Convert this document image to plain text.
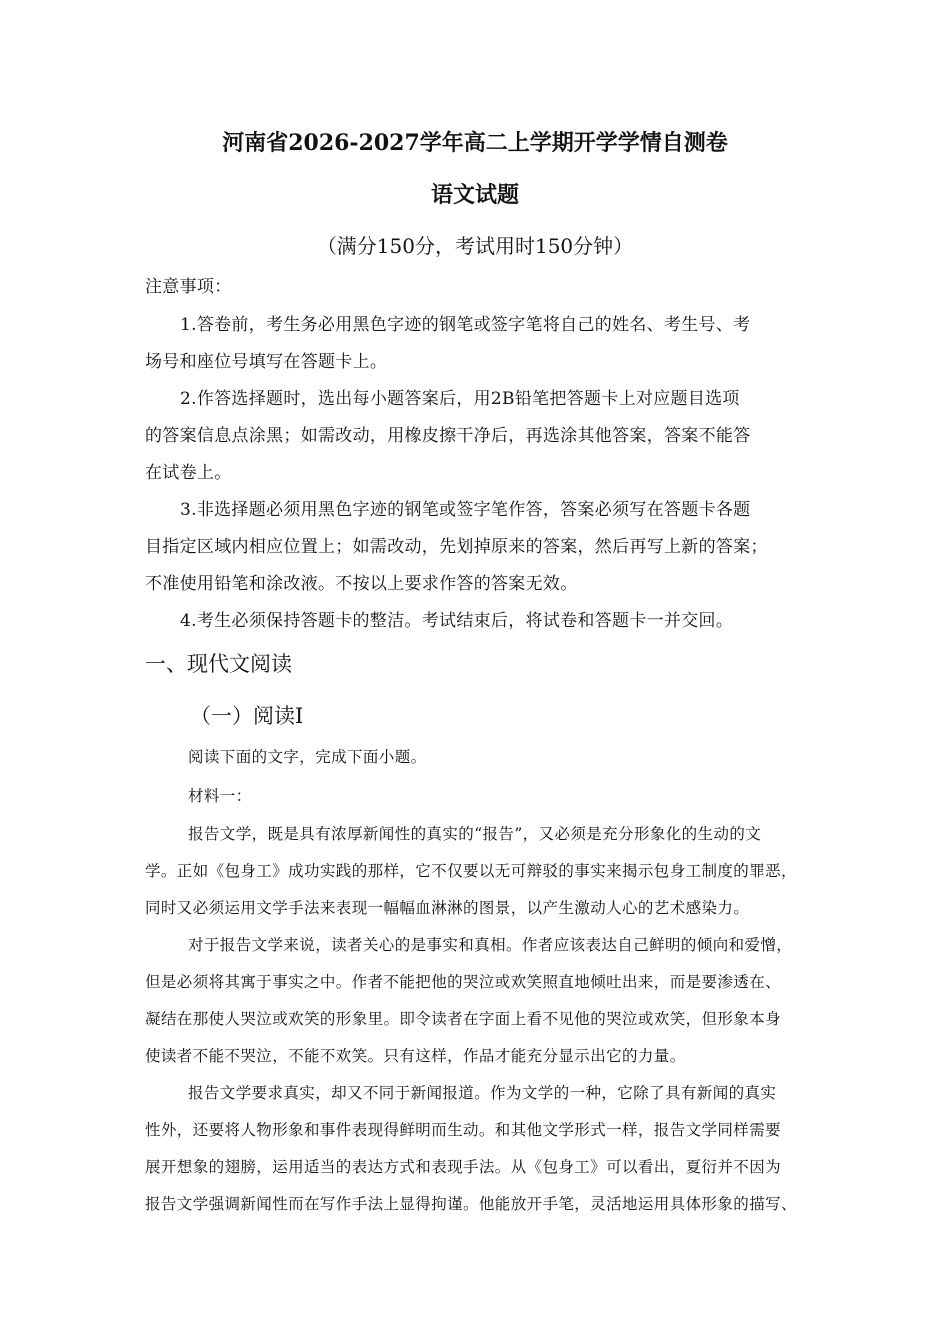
河南省2026-2027学年高二上学期开学学情自测卷
语文试题
（满分150分，考试用时150分钟）
注意事项：
1.答卷前，考生务必用黑色字迹的钢笔或签字笔将自己的姓名、考生号、考
场号和座位号填写在答题卡上。
2.作答选择题时，选出每小题答案后，用2B铅笔把答题卡上对应题目选项
的答案信息点涂黑；如需改动，用橡皮擦干净后，再选涂其他答案，答案不能答
在试卷上。
3.非选择题必须用黑色字迹的钢笔或签字笔作答，答案必须写在答题卡各题
目指定区域内相应位置上；如需改动，先划掉原来的答案，然后再写上新的答案；
不准使用铅笔和涂改液。不按以上要求作答的答案无效。
4.考生必须保持答题卡的整洁。考试结束后，将试卷和答题卡一并交回。
一、现代文阅读
（一）阅读Ⅰ
阅读下面的文字，完成下面小题。
材料一：
报告文学，既是具有浓厚新闻性的真实的“报告”，又必须是充分形象化的生动的文
学。正如《包身工》成功实践的那样，它不仅要以无可辩驳的事实来揭示包身工制度的罪恶，
同时又必须运用文学手法来表现一幅幅血淋淋的图景，以产生激动人心的艺术感染力。
对于报告文学来说，读者关心的是事实和真相。作者应该表达自己鲜明的倾向和爱憎，
但是必须将其寓于事实之中。作者不能把他的哭泣或欢笑照直地倾吐出来，而是要渗透在、
凝结在那使人哭泣或欢笑的形象里。即令读者在字面上看不见他的哭泣或欢笑，但形象本身
使读者不能不哭泣，不能不欢笑。只有这样，作品才能充分显示出它的力量。
报告文学要求真实，却又不同于新闻报道。作为文学的一种，它除了具有新闻的真实
性外，还要将人物形象和事件表现得鲜明而生动。和其他文学形式一样，报告文学同样需要
展开想象的翅膀，运用适当的表达方式和表现手法。从《包身工》可以看出，夏衍并不因为
报告文学强调新闻性而在写作手法上显得拘谨。他能放开手笔，灵活地运用具体形象的描写、
